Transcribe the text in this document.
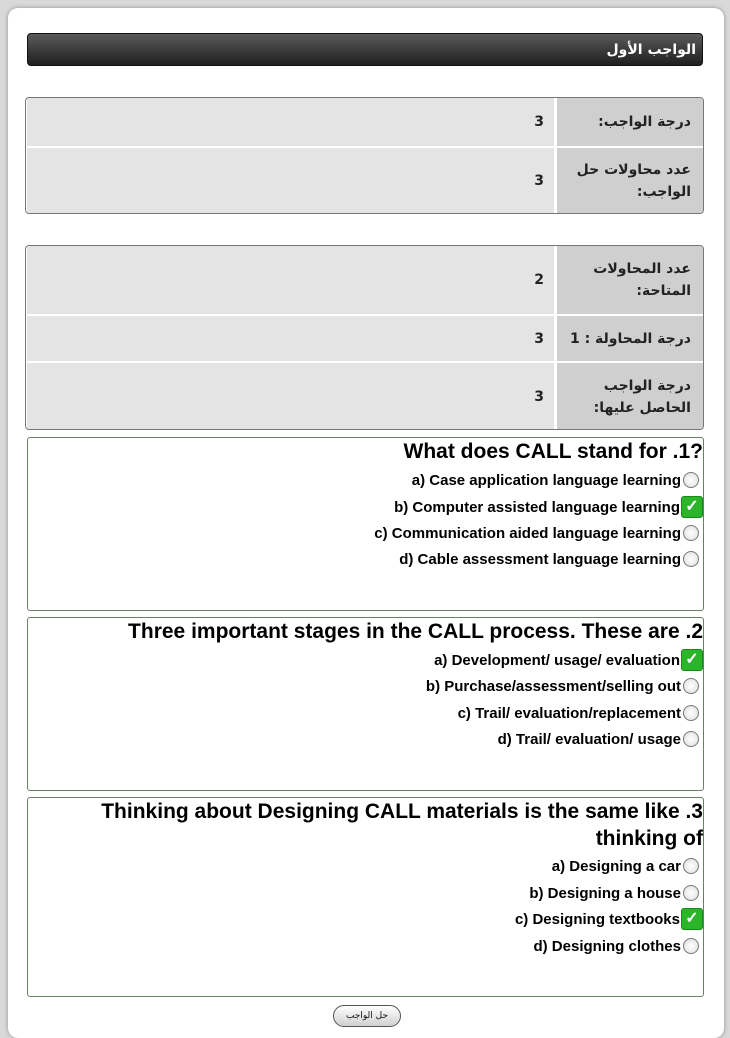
الواجب الأول
3	درجة الواجب:
3
عدد محاولات حل الواجب:
2
عدد المحاولات المتاحة:
3	درجة المحاولة : 1
3
درجة الواجب الحاصل عليها:
What does CALL stand for .1?
a) Case application language learning
b) Computer assisted language learning ✓
c) Communication aided language learning
d) Cable assessment language learning
Three important stages in the CALL process. These are .2
a) Development/ usage/ evaluation ✓
b) Purchase/assessment/selling out
c) Trail/ evaluation/replacement
d) Trail/ evaluation/ usage
Thinking about Designing CALL materials is the same like .3 thinking of
a) Designing a car
b) Designing a house
c) Designing textbooks ✓
d) Designing clothes
حل الواجب
